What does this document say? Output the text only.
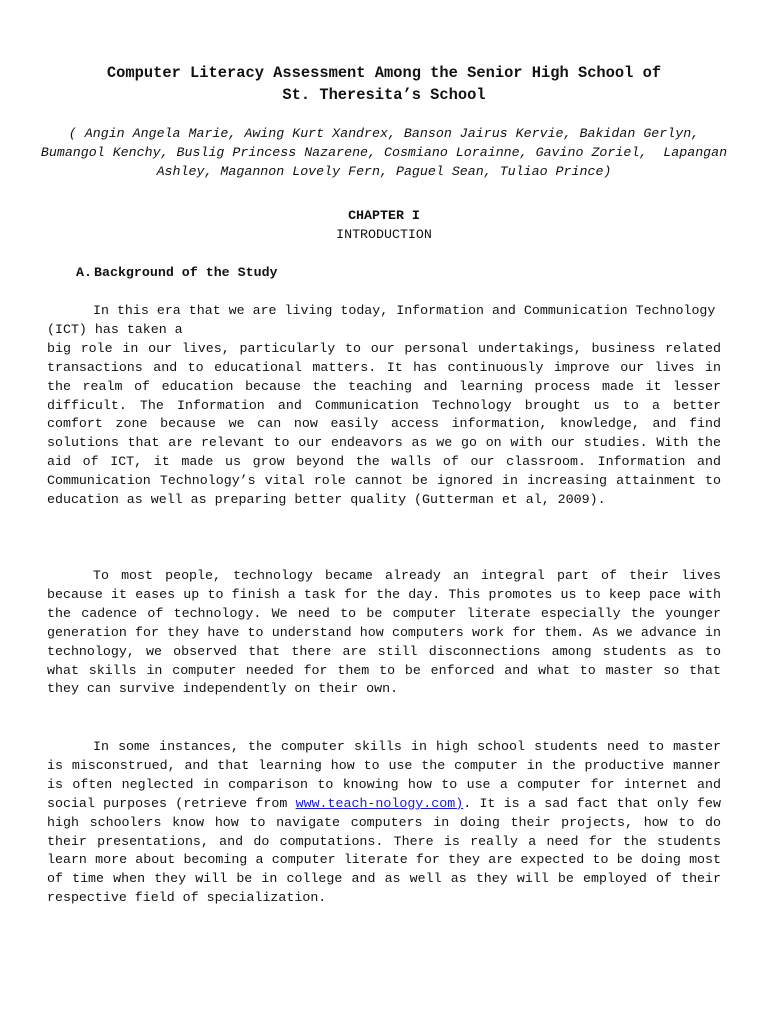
Computer Literacy Assessment Among the Senior High School of
St. Theresita’s School
( Angin Angela Marie, Awing Kurt Xandrex, Banson Jairus Kervie, Bakidan Gerlyn,
Bumangol Kenchy, Buslig Princess Nazarene, Cosmiano Lorainne, Gavino Zoriel,  Lapangan
Ashley, Magannon Lovely Fern, Paguel Sean, Tuliao Prince)
CHAPTER I
INTRODUCTION
A. Background of the Study
In this era that we are living today, Information and Communication Technology (ICT) has taken a
big role in our lives, particularly to our personal undertakings, business related transactions and to educational matters. It has continuously improve our lives in the realm of education because the teaching and learning process made it lesser difficult. The Information and Communication Technology brought us to a better comfort zone because we can now easily access information, knowledge, and find solutions that are relevant to our endeavors as we go on with our studies. With the aid of ICT, it made us grow beyond the walls of our classroom. Information and Communication Technology’s vital role cannot be ignored in increasing attainment to education as well as preparing better quality (Gutterman et al, 2009).

To most people, technology became already an integral part of their lives because it eases up to finish a task for the day. This promotes us to keep pace with the cadence of technology. We need to be computer literate especially the younger generation for they have to understand how computers work for them. As we advance in technology, we observed that there are still disconnections among students as to what skills in computer needed for them to be enforced and what to master so that they can survive independently on their own.

In some instances, the computer skills in high school students need to master is misconstrued, and that learning how to use the computer in the productive manner is often neglected in comparison to knowing how to use a computer for internet and social purposes (retrieve from www.teach-nology.com). It is a sad fact that only few high schoolers know how to navigate computers in doing their projects, how to do their presentations, and do computations. There is really a need for the students learn more about becoming a computer literate for they are expected to be doing most of time when they will be in college and as well as they will be employed of their respective field of specialization.
